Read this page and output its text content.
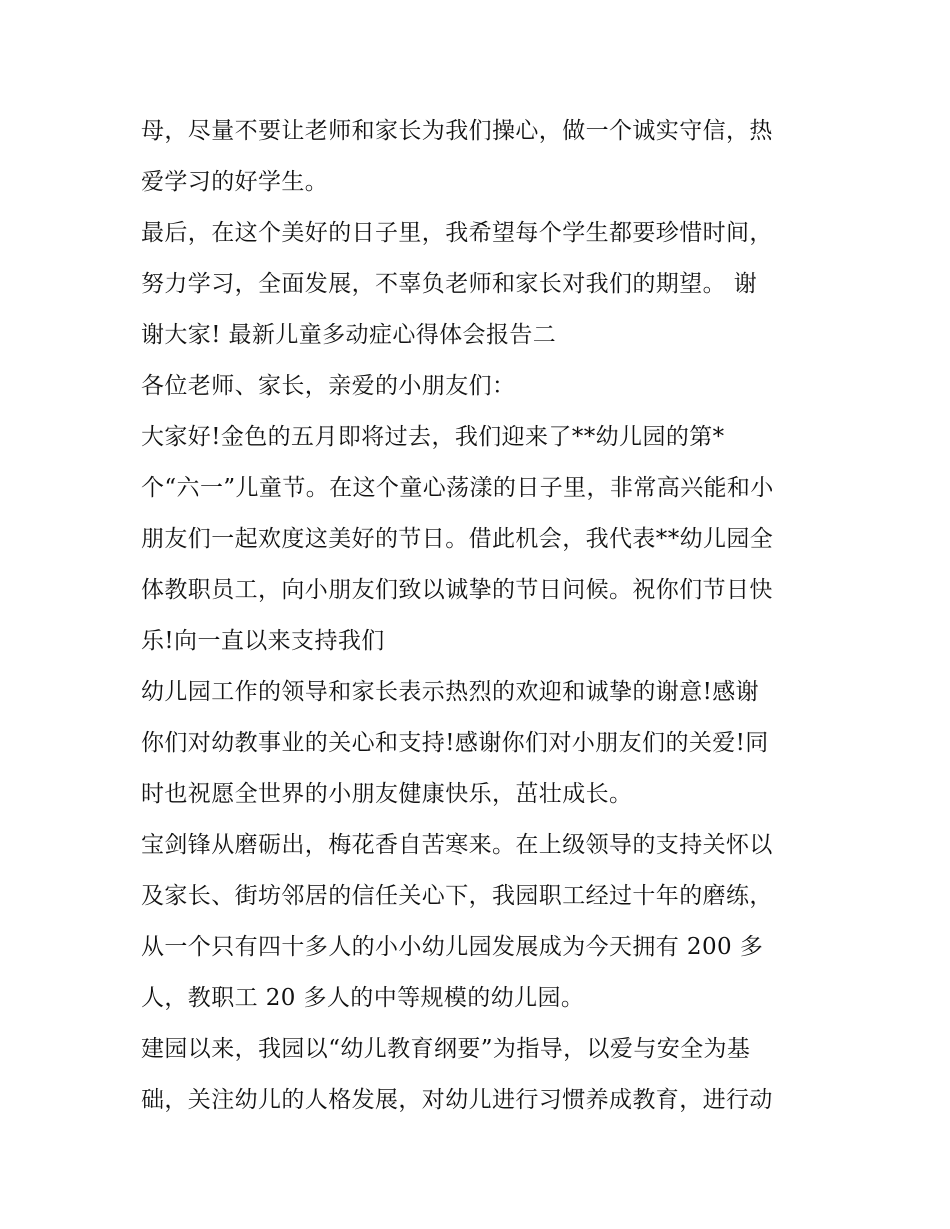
母，尽量不要让老师和家长为我们操心，做一个诚实守信，热
爱学习的好学生。
最后，在这个美好的日子里，我希望每个学生都要珍惜时间，
努力学习，全面发展，不辜负老师和家长对我们的期望。 谢
谢大家! 最新儿童多动症心得体会报告二
各位老师、家长，亲爱的小朋友们：
大家好!金色的五月即将过去，我们迎来了**幼儿园的第*
个“六一”儿童节。在这个童心荡漾的日子里，非常高兴能和小
朋友们一起欢度这美好的节日。借此机会，我代表**幼儿园全
体教职员工，向小朋友们致以诚挚的节日问候。祝你们节日快
乐!向一直以来支持我们
幼儿园工作的领导和家长表示热烈的欢迎和诚挚的谢意!感谢
你们对幼教事业的关心和支持!感谢你们对小朋友们的关爱!同
时也祝愿全世界的小朋友健康快乐，茁壮成长。
宝剑锋从磨砺出，梅花香自苦寒来。在上级领导的支持关怀以
及家长、街坊邻居的信任关心下，我园职工经过十年的磨练，
从一个只有四十多人的小小幼儿园发展成为今天拥有 200 多
人，教职工 20 多人的中等规模的幼儿园。
建园以来，我园以“幼儿教育纲要”为指导，以爱与安全为基
础，关注幼儿的人格发展，对幼儿进行习惯养成教育，进行动
